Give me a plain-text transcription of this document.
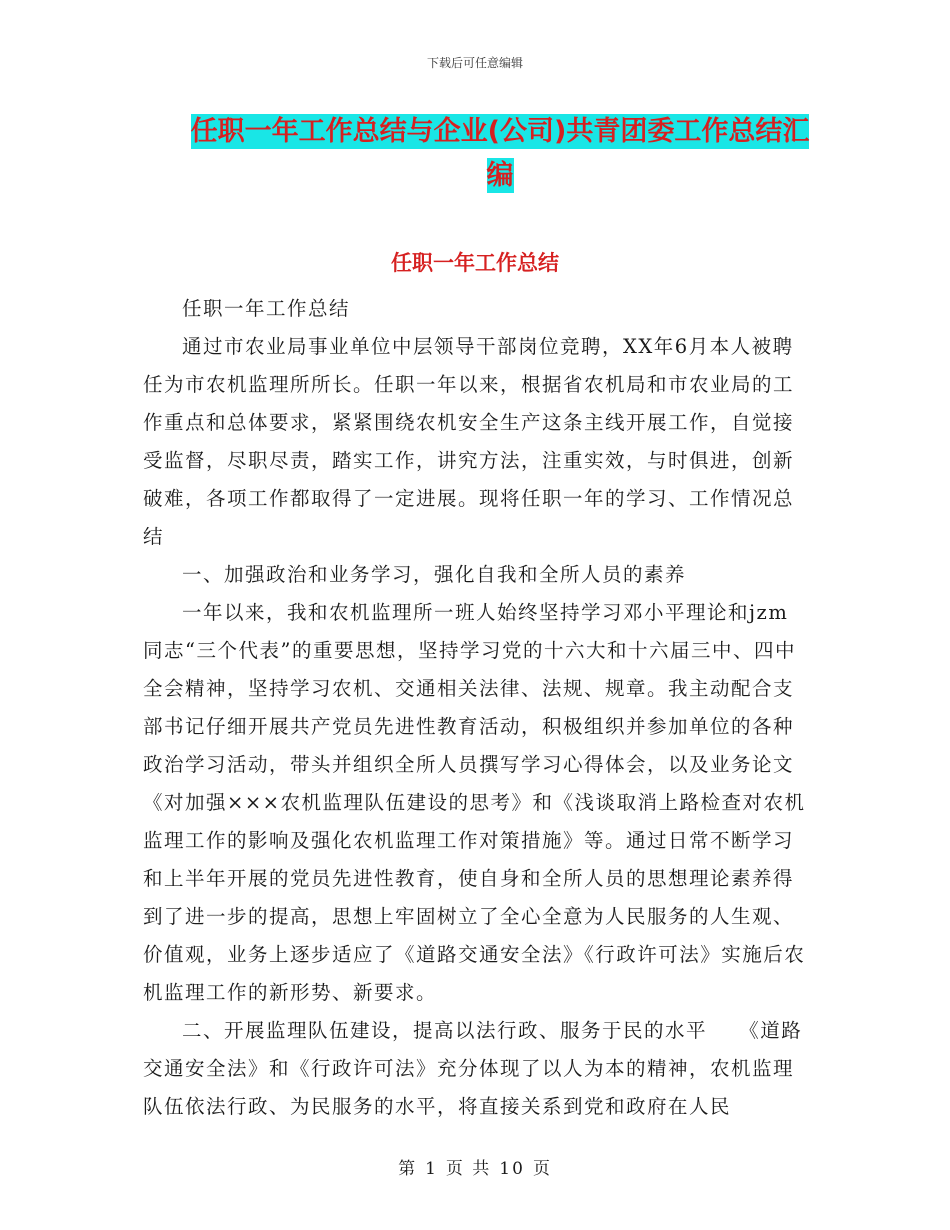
下载后可任意编辑
任职一年工作总结与企业(公司)共青团委工作总结汇编
任职一年工作总结

任职一年工作总结

通过市农业局事业单位中层领导干部岗位竞聘，XX年6月本人被聘任为市农机监理所所长。任职一年以来，根据省农机局和市农业局的工作重点和总体要求，紧紧围绕农机安全生产这条主线开展工作，自觉接受监督，尽职尽责，踏实工作，讲究方法，注重实效，与时俱进，创新破难，各项工作都取得了一定进展。现将任职一年的学习、工作情况总结

一、加强政治和业务学习，强化自我和全所人员的素养

一年以来，我和农机监理所一班人始终坚持学习邓小平理论和jzm同志“三个代表”的重要思想，坚持学习党的十六大和十六届三中、四中全会精神，坚持学习农机、交通相关法律、法规、规章。我主动配合支部书记仔细开展共产党员先进性教育活动，积极组织并参加单位的各种政治学习活动，带头并组织全所人员撰写学习心得体会，以及业务论文《对加强×××农机监理队伍建设的思考》和《浅谈取消上路检查对农机监理工作的影响及强化农机监理工作对策措施》等。通过日常不断学习和上半年开展的党员先进性教育，使自身和全所人员的思想理论素养得到了进一步的提高，思想上牢固树立了全心全意为人民服务的人生观、价值观，业务上逐步适应了《道路交通安全法》《行政许可法》实施后农机监理工作的新形势、新要求。

二、开展监理队伍建设，提高以法行政、服务于民的水平　　《道路交通安全法》和《行政许可法》充分体现了以人为本的精神，农机监理队伍依法行政、为民服务的水平，将直接关系到党和政府在人民

第 1 页 共 10 页
